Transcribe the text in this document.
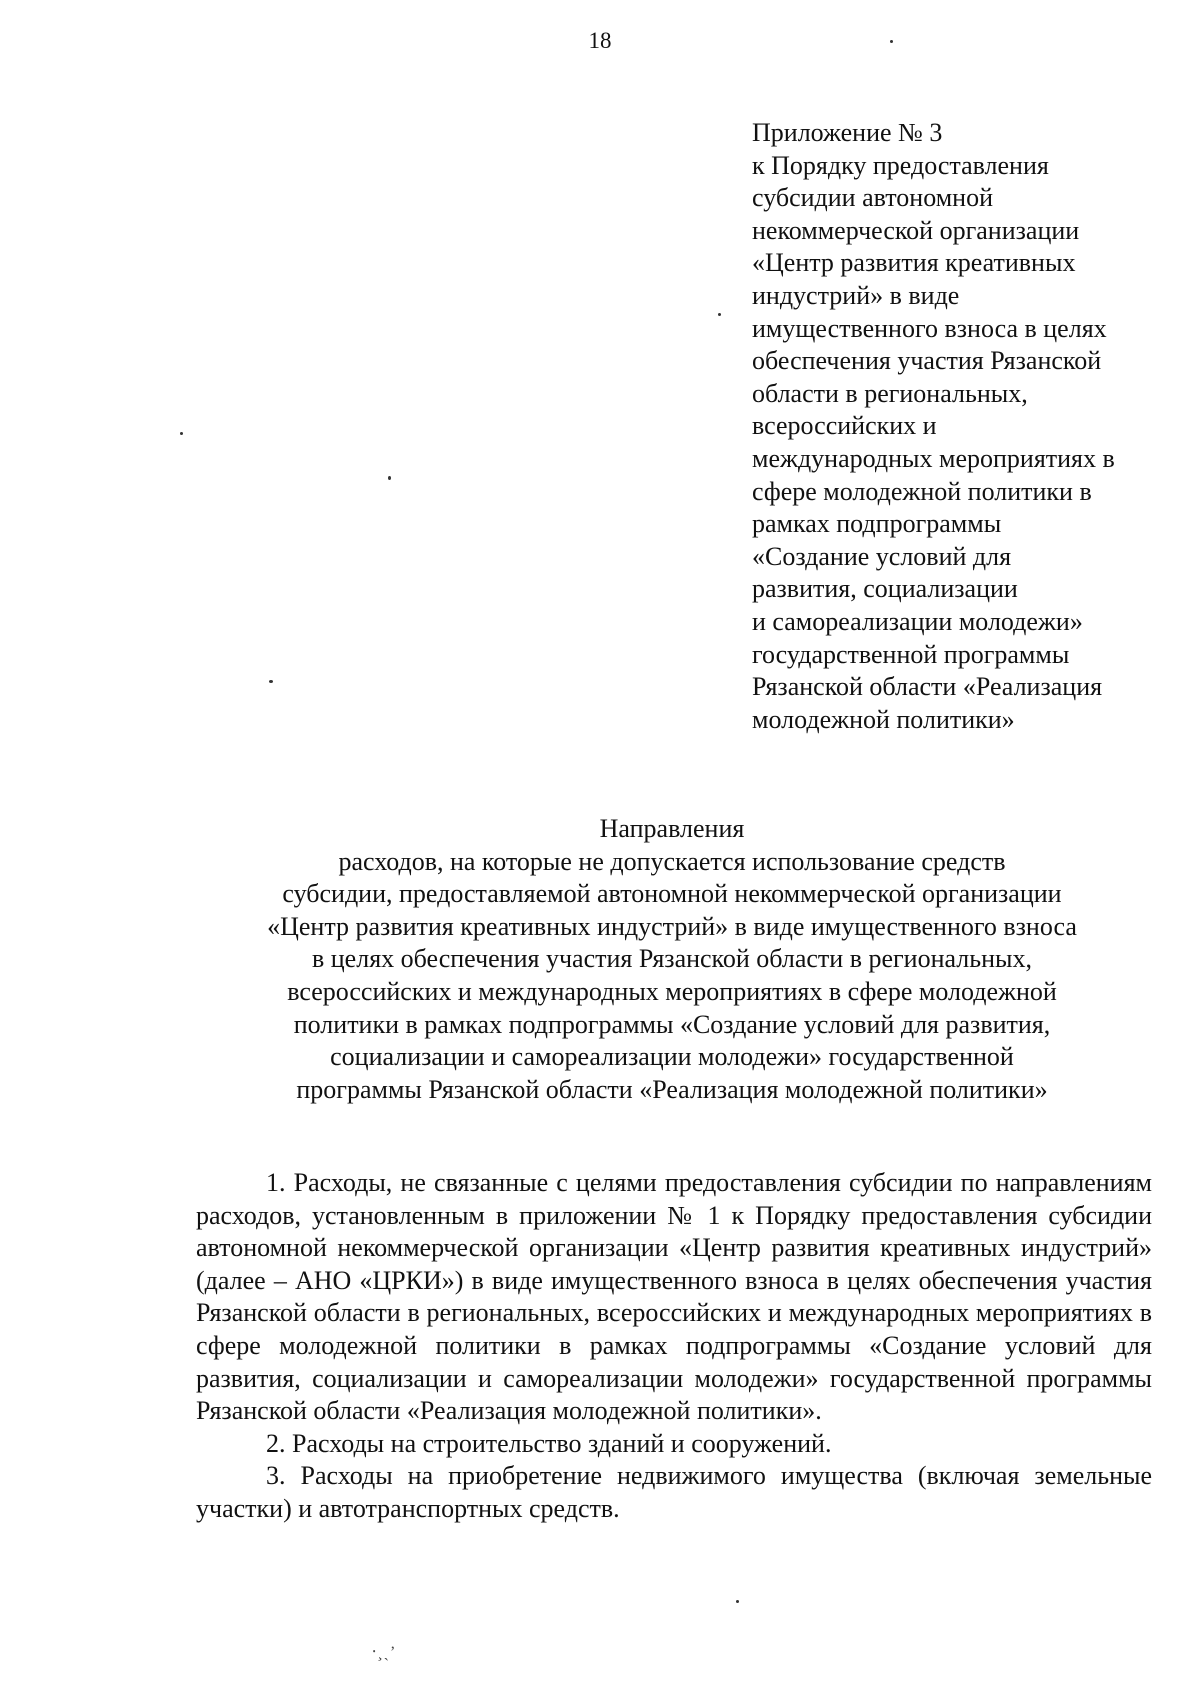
18
Приложение № 3
к Порядку предоставления
субсидии автономной
некоммерческой организации
«Центр развития креативных
индустрий» в виде
имущественного взноса в целях
обеспечения участия Рязанской
области в региональных,
всероссийских и
международных мероприятиях в
сфере молодежной политики в
рамках подпрограммы
«Создание условий для
развития, социализации
и самореализации молодежи»
государственной программы
Рязанской области «Реализация
молодежной политики»
Направления
расходов, на которые не допускается использование средств
субсидии, предоставляемой автономной некоммерческой организации
«Центр развития креативных индустрий» в виде имущественного взноса
в целях обеспечения участия Рязанской области в региональных,
всероссийских и международных мероприятиях в сфере молодежной
политики в рамках подпрограммы «Создание условий для развития,
социализации и самореализации молодежи» государственной
программы Рязанской области «Реализация молодежной политики»

1. Расходы, не связанные с целями предоставления субсидии по направлениям расходов, установленным в приложении № 1 к Порядку предоставления субсидии автономной некоммерческой организации «Центр развития креативных индустрий» (далее – АНО «ЦРКИ») в виде имущественного взноса в целях обеспечения участия Рязанской области в региональных, всероссийских и международных мероприятиях в сфере молодежной политики в рамках подпрограммы «Создание условий для развития, социализации и самореализации молодежи» государственной программы Рязанской области «Реализация молодежной политики».

2. Расходы на строительство зданий и сооружений.

3. Расходы на приобретение недвижимого имущества (включая земельные участки) и автотранспортных средств.

⸱¸ˎʼ
